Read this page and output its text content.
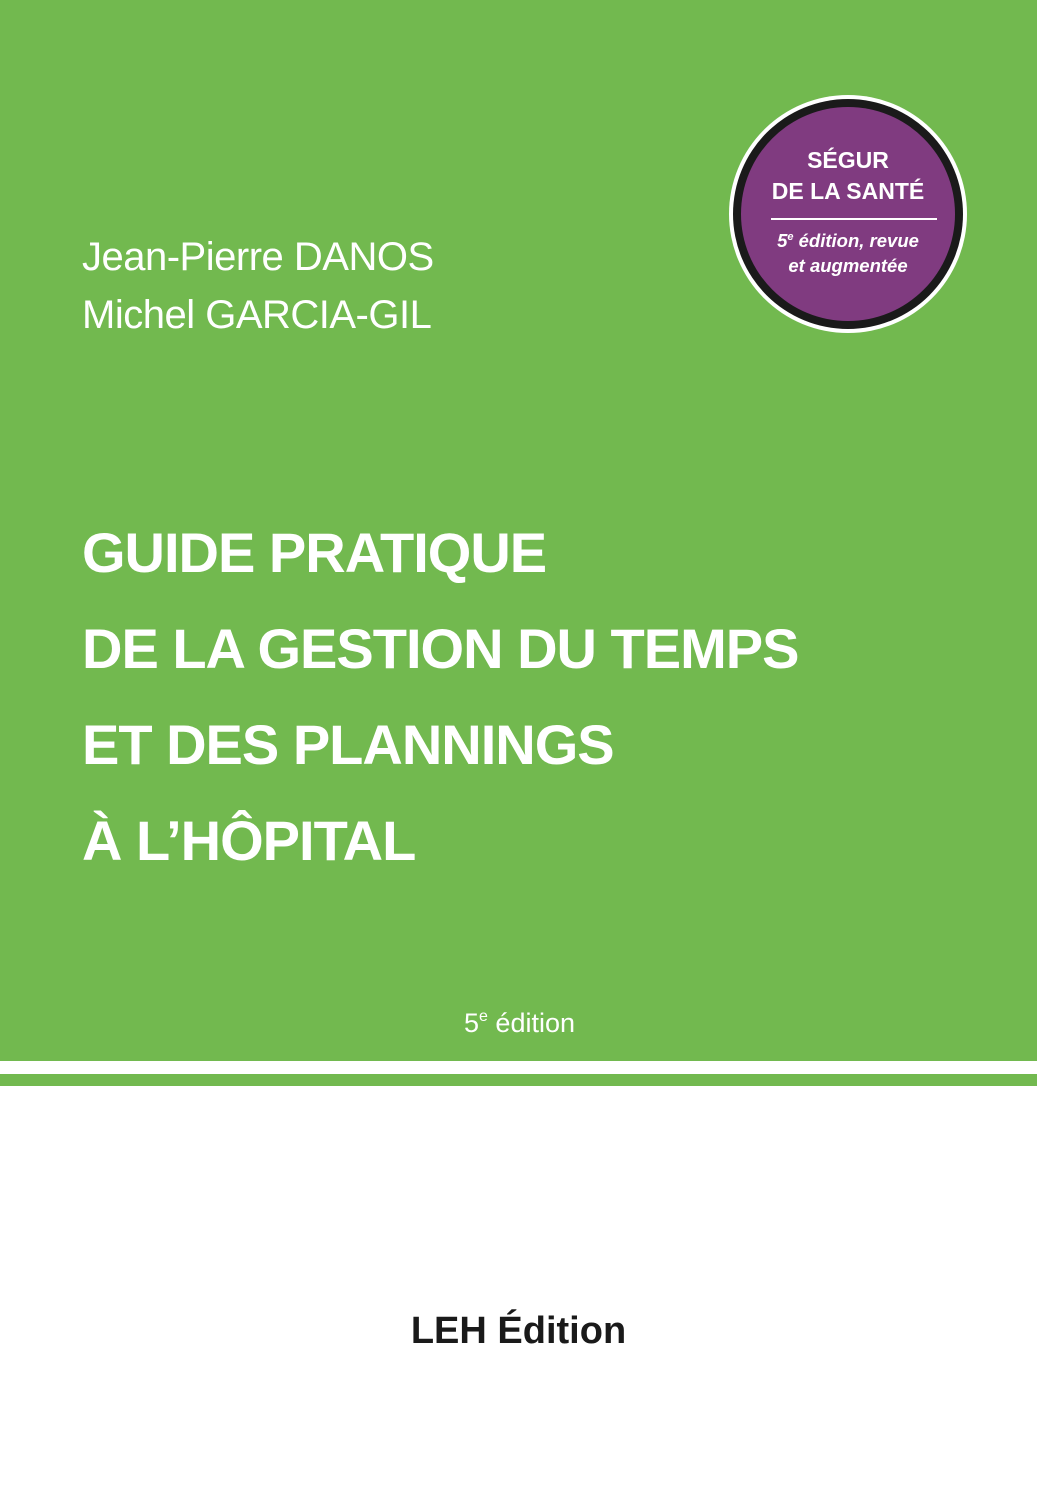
Jean-Pierre DANOS
Michel GARCIA-GIL
SÉGUR
DE LA SANTÉ
5e édition, revue
et augmentée
GUIDE PRATIQUE
DE LA GESTION DU TEMPS
ET DES PLANNINGS
À L’HÔPITAL
5e édition
LEH Édition
